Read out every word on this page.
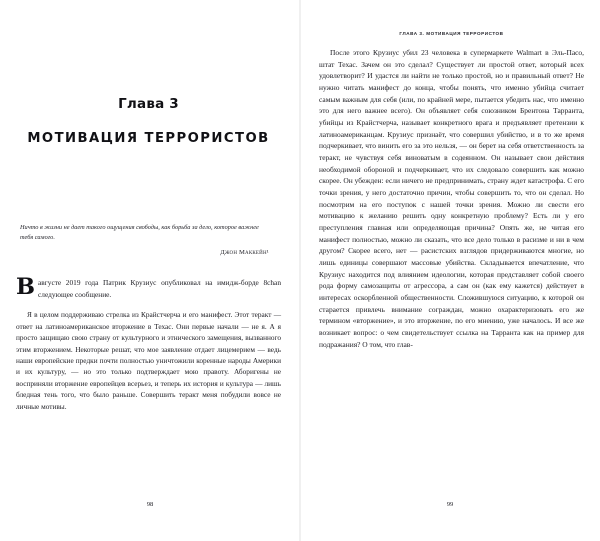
Глава 3
МОТИВАЦИЯ ТЕРРОРИСТОВ

Ничто в жизни не дает такого ощущения свободы, как борьба за дело, которое важнее тебя самого.

Джон Маккейн¹

Вавгусте 2019 года Патрик Крузиус опубликовал на имидж-борде 8chan следующее сообщение.

Я в целом поддерживаю стрелка из Крайстчерча и его манифест. Этот теракт — ответ на латиноамериканское вторжение в Техас. Они первые начали — не я. А я просто защищаю свою страну от культурного и этнического замещения, вызванного этим вторжением. Некоторые решат, что мое заявление отдает лицемерием — ведь наши европейские предки почти полностью уничтожили коренные народы Америки и их культуру, — но это только подтверждает мою правоту. Аборигены не восприняли вторжение европейцев всерьез, и теперь их история и культура — лишь бледная тень того, что было раньше. Совершить теракт меня побудили вовсе не личные мотивы.

98
ГЛАВА 3. МОТИВАЦИЯ ТЕРРОРИСТОВ

После этого Крузиус убил 23 человека в супермаркете Walmart в Эль-Пасо, штат Техас. Зачем он это сделал? Существует ли простой ответ, который всех удовлетворит? И удастся ли найти не только простой, но и правильный ответ? Не нужно читать манифест до конца, чтобы понять, что именно убийца считает самым важным для себя (или, по крайней мере, пытается убедить нас, что именно это для него важнее всего). Он объявляет себя союзником Брентона Тарранта, убийцы из Крайстчерча, называет конкретного врага и предъявляет претензии к латиноамериканцам. Крузиус признаёт, что совершил убийство, и в то же время подчеркивает, что винить его за это нельзя, — он берет на себя ответственность за теракт, не чувствуя себя виноватым в содеянном. Он называет свои действия необходимой обороной и подчеркивает, что их следовало совершить как можно скорее. Он убежден: если ничего не предпринимать, страну ждет катастрофа. С его точки зрения, у него достаточно причин, чтобы совершить то, что он сделал. Но посмотрим на его поступок с нашей точки зрения. Можно ли свести его мотивацию к желанию решить одну конкретную проблему? Есть ли у его преступления главная или определяющая причина? Опять же, не читая его манифест полностью, можно ли сказать, что все дело только в расизме и ни в чем другом? Скорее всего, нет — расистских взглядов придерживаются многие, но лишь единицы совершают массовые убийства. Складывается впечатление, что Крузиус находится под влиянием идеологии, которая представляет собой своего рода форму самозащиты от агрессора, а сам он (как ему кажется) действует в интересах оскорбленной общественности. Сложившуюся ситуацию, к которой он старается привлечь внимание сограждан, можно охарактеризовать его же термином «вторжение», и это вторжение, по его мнению, уже началось. И все же возникает вопрос: о чем свидетельствует ссылка на Тарранта как на пример для подражания? О том, что глав-

99
